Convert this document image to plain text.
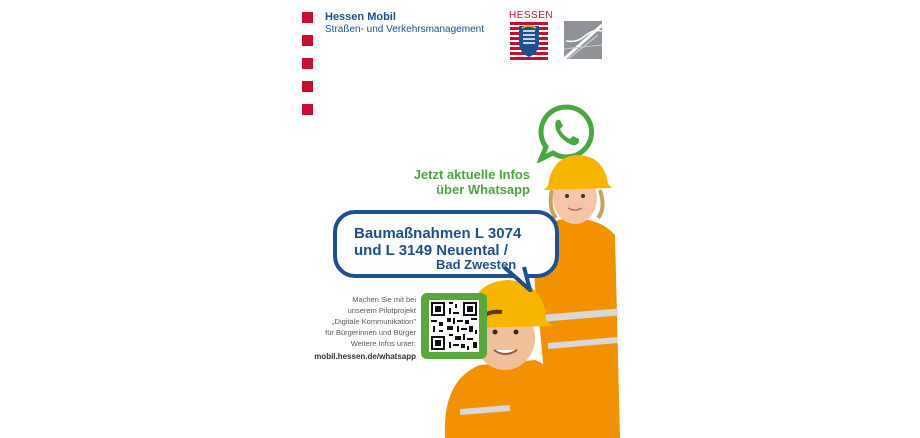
Hessen Mobil
Straßen- und Verkehrsmanagement
HESSEN
Jetzt aktuelle Infos
über Whatsapp
Baumaßnahmen L 3074
und L 3149 Neuental /
Bad Zwesten
Machen Sie mit bei
unserem Pilotprojekt
„Digitale Kommunikation"
für Bürgerinnen und Bürger
Weitere Infos unter:
mobil.hessen.de/whatsapp
